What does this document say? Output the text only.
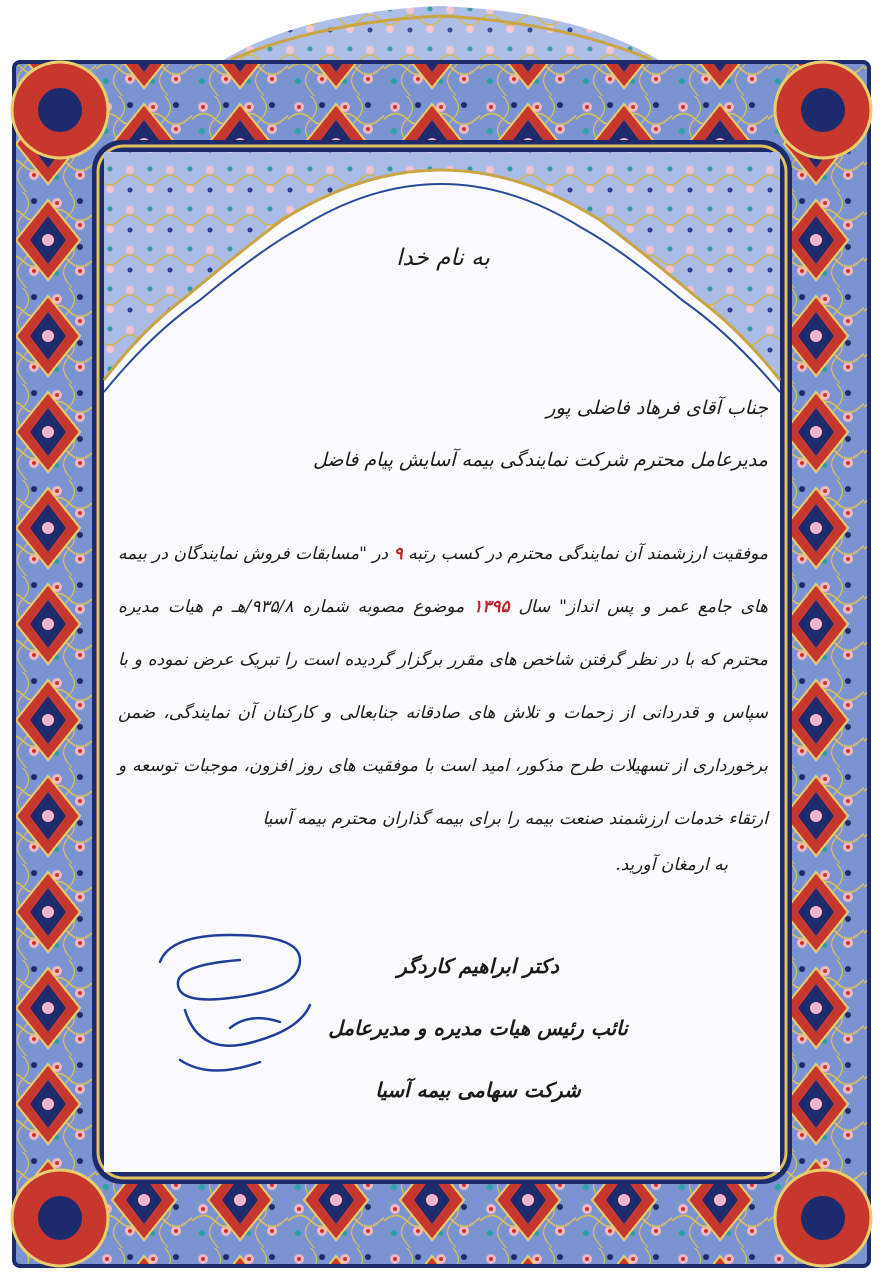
به نام خدا
جناب آقای فرهاد فاضلی پور
مدیرعامل محترم شرکت نمایندگی بیمه آسایش پیام فاضل
موفقیت ارزشمند آن نمایندگی محترم در کسب رتبه ۹ در "مسابقات فروش نمایندگان در بیمه های جامع عمر و پس انداز" سال ۱۳۹۵ موضوع مصوبه شماره ۹۳۵/۸/هـ م هیات مدیره محترم که با در نظر گرفتن شاخص های مقرر برگزار گردیده است را تبریک عرض نموده و با سپاس و قدردانی از زحمات و تلاش های صادقانه جنابعالی و کارکنان آن نمایندگی، ضمن برخورداری از تسهیلات طرح مذکور، امید است با موفقیت های روز افزون، موجبات توسعه و ارتقاء خدمات ارزشمند صنعت بیمه را برای بیمه گذاران محترم بیمه آسیا
به ارمغان آورید.
دکتر ابراهیم کاردگر
نائب رئیس هیات مدیره و مدیرعامل
شرکت سهامی بیمه آسیا
